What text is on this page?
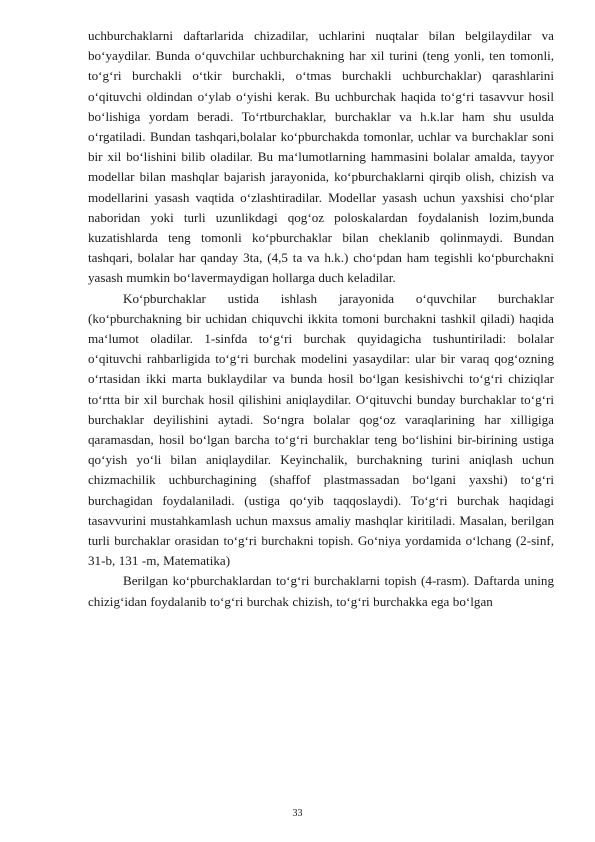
uchburchaklarni daftarlarida chizadilar, uchlarini nuqtalar bilan belgilaydilar va boʻyaydilar. Bunda oʻquvchilar uchburchakning har xil turini (teng yonli, ten tomonli, toʻgʻri burchakli oʻtkir burchakli, oʻtmas burchakli uchburchaklar) qarashlarini oʻqituvchi oldindan oʻylab oʻyishi kerak. Bu uchburchak haqida toʻgʻri tasavvur hosil boʻlishiga yordam beradi. Toʻrtburchaklar, burchaklar va h.k.lar ham shu usulda oʻrgatiladi. Bundan tashqari,bolalar koʻpburchakda tomonlar, uchlar va burchaklar soni bir xil boʻlishini bilib oladilar. Bu maʻlumotlarning hammasini bolalar amalda, tayyor modellar bilan mashqlar bajarish jarayonida, koʻpburchaklarni qirqib olish, chizish va modellarini yasash vaqtida oʻzlashtiradilar. Modellar yasash uchun yaxshisi choʻplar naboridan yoki turli uzunlikdagi qogʻoz poloskalardan foydalanish lozim,bunda kuzatishlarda teng tomonli koʻpburchaklar bilan cheklanib qolinmaydi. Bundan tashqari, bolalar har qanday 3ta, (4,5 ta va h.k.) choʻpdan ham tegishli koʻpburchakni yasash mumkin boʻlavermaydigan hollarga duch keladilar.

Koʻpburchaklar ustida ishlash jarayonida oʻquvchilar burchaklar (koʻpburchakning bir uchidan chiquvchi ikkita tomoni burchakni tashkil qiladi) haqida maʻlumot oladilar. 1-sinfda toʻgʻri burchak quyidagicha tushuntiriladi: bolalar oʻqituvchi rahbarligida toʻgʻri burchak modelini yasaydilar: ular bir varaq qogʻozning oʻrtasidan ikki marta buklaydilar va bunda hosil boʻlgan kesishivchi toʻgʻri chiziqlar toʻrtta bir xil burchak hosil qilishini aniqlaydilar. Oʻqituvchi bunday burchaklar toʻgʻri burchaklar deyilishini aytadi. Soʻngra bolalar qogʻoz varaqlarining har xilligiga qaramasdan, hosil boʻlgan barcha toʻgʻri burchaklar teng boʻlishini bir-birining ustiga qoʻyish yoʻli bilan aniqlaydilar. Keyinchalik, burchakning turini aniqlash uchun chizmachilik uchburchagining (shaffof plastmassadan boʻlgani yaxshi) toʻgʻri burchagidan foydalaniladi. (ustiga qoʻyib taqqoslaydi). Toʻgʻri burchak haqidagi tasavvurini mustahkamlash uchun maxsus amaliy mashqlar kiritiladi. Masalan, berilgan turli burchaklar orasidan toʻgʻri burchakni topish. Goʻniya yordamida oʻlchang (2-sinf, 31-b, 131 -m, Matematika)

Berilgan koʻpburchaklardan toʻgʻri burchaklarni topish (4-rasm). Daftarda uning chizigʻidan foydalanib toʻgʻri burchak chizish, toʻgʻri burchakka ega boʻlgan

33
